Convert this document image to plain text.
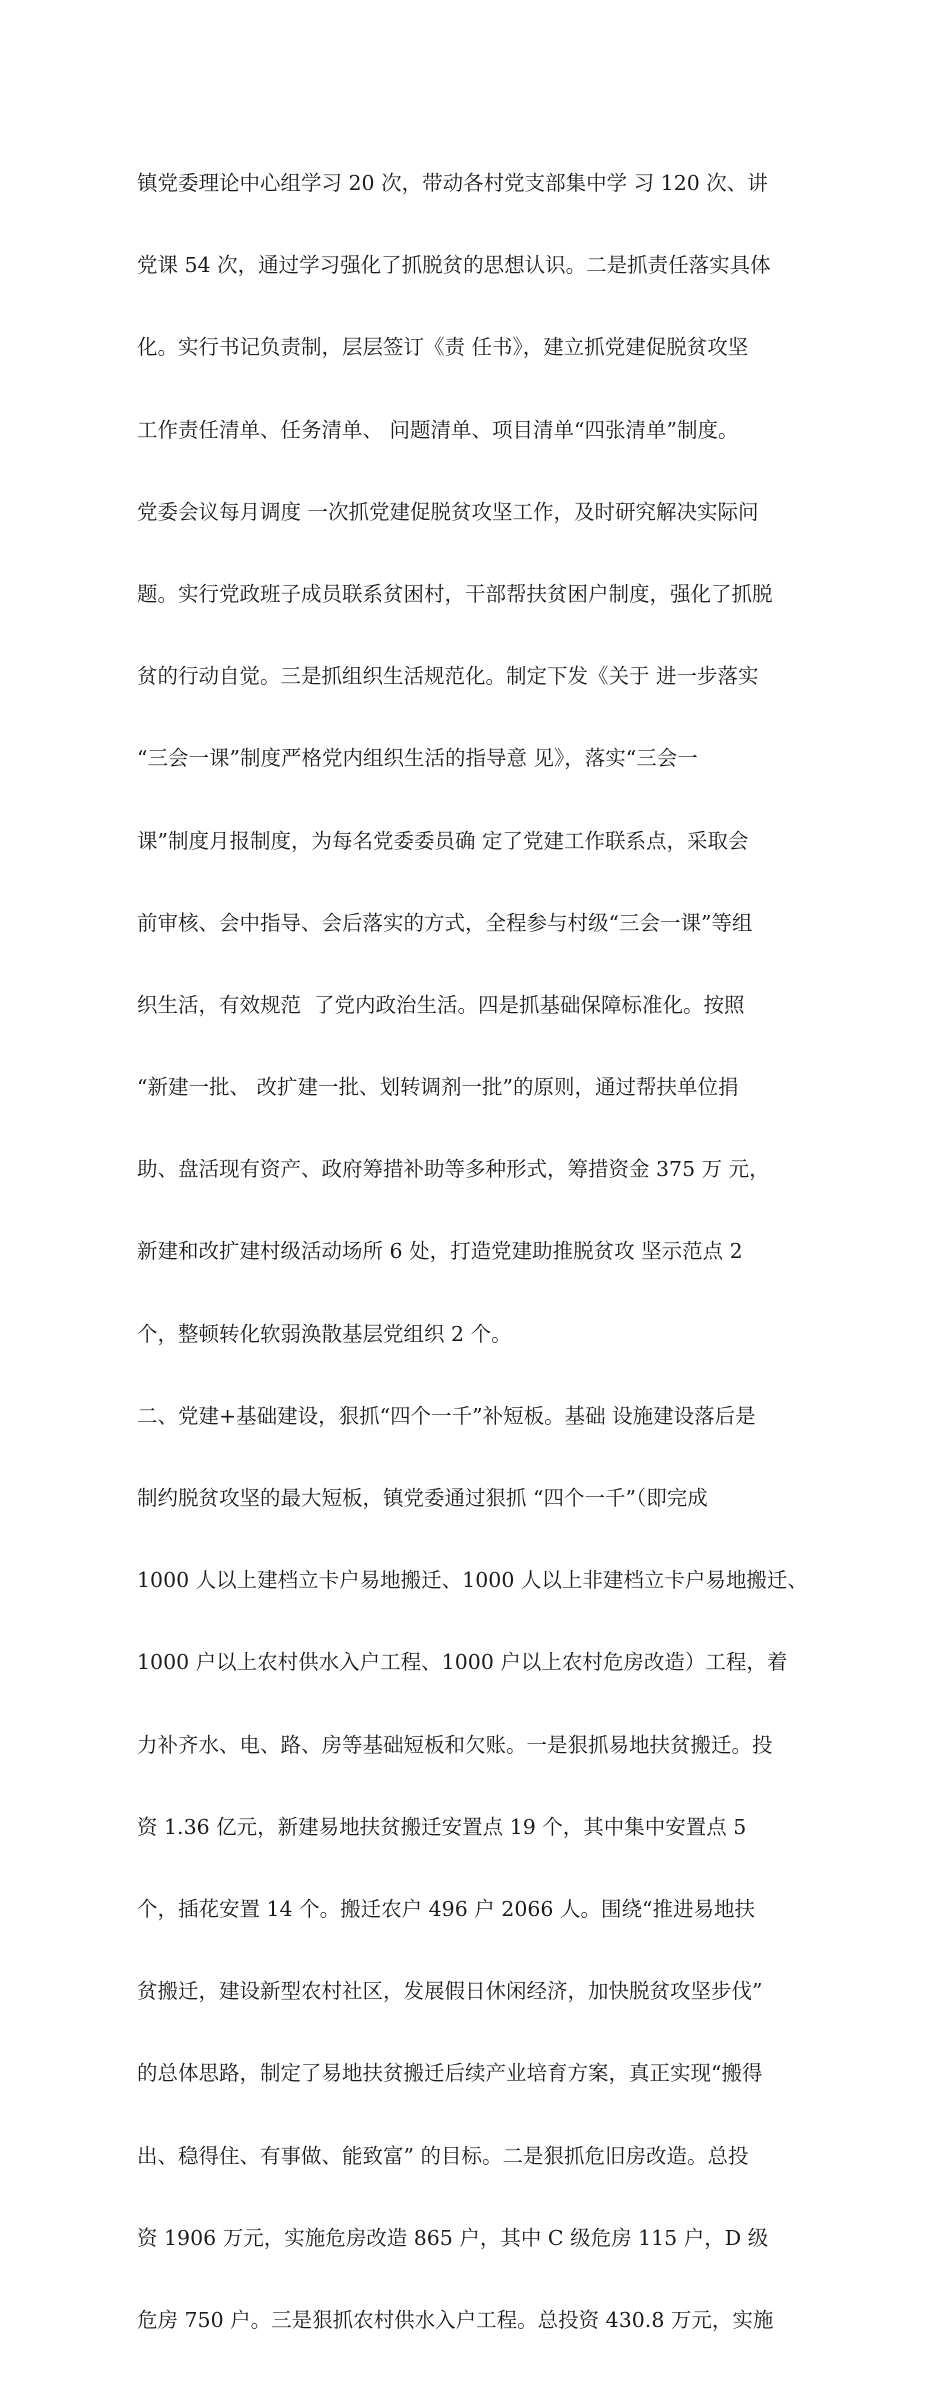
镇党委理论中心组学习 20 次，带动各村党支部集中学 习 120 次、讲

党课 54 次，通过学习强化了抓脱贫的思想认识。二是抓责任落实具体

化。实行书记负责制，层层签订《责 任书》，建立抓党建促脱贫攻坚

工作责任清单、任务清单、 问题清单、项目清单“四张清单”制度。

党委会议每月调度 一次抓党建促脱贫攻坚工作，及时研究解决实际问

题。实行党政班子成员联系贫困村，干部帮扶贫困户制度，强化了抓脱

贫的行动自觉。三是抓组织生活规范化。制定下发《关于 进一步落实

“三会一课”制度严格党内组织生活的指导意 见》，落实“三会一

课”制度月报制度，为每名党委委员确 定了党建工作联系点，采取会

前审核、会中指导、会后落实的方式，全程参与村级“三会一课”等组

织生活，有效规范  了党内政治生活。四是抓基础保障标准化。按照

“新建一批、 改扩建一批、划转调剂一批”的原则，通过帮扶单位捐

助、盘活现有资产、政府筹措补助等多种形式，筹措资金 375 万 元，

新建和改扩建村级活动场所 6 处，打造党建助推脱贫攻 坚示范点 2

个，整顿转化软弱涣散基层党组织 2 个。

二、党建+基础建设，狠抓“四个一千”补短板。基础 设施建设落后是

制约脱贫攻坚的最大短板，镇党委通过狠抓 “四个一千”（即完成

1000 人以上建档立卡户易地搬迁、1000 人以上非建档立卡户易地搬迁、

1000 户以上农村供水入户工程、1000 户以上农村危房改造）工程，着

力补齐水、电、路、房等基础短板和欠账。一是狠抓易地扶贫搬迁。投

资 1.36 亿元，新建易地扶贫搬迁安置点 19 个，其中集中安置点 5

个，插花安置 14 个。搬迁农户 496 户 2066 人。围绕“推进易地扶

贫搬迁，建设新型农村社区，发展假日休闲经济，加快脱贫攻坚步伐”

的总体思路，制定了易地扶贫搬迁后续产业培育方案，真正实现“搬得

出、稳得住、有事做、能致富” 的目标。二是狠抓危旧房改造。总投

资 1906 万元，实施危房改造 865 户，其中 C 级危房 115 户，D 级

危房 750 户。三是狠抓农村供水入户工程。总投资 430.8 万元，实施
